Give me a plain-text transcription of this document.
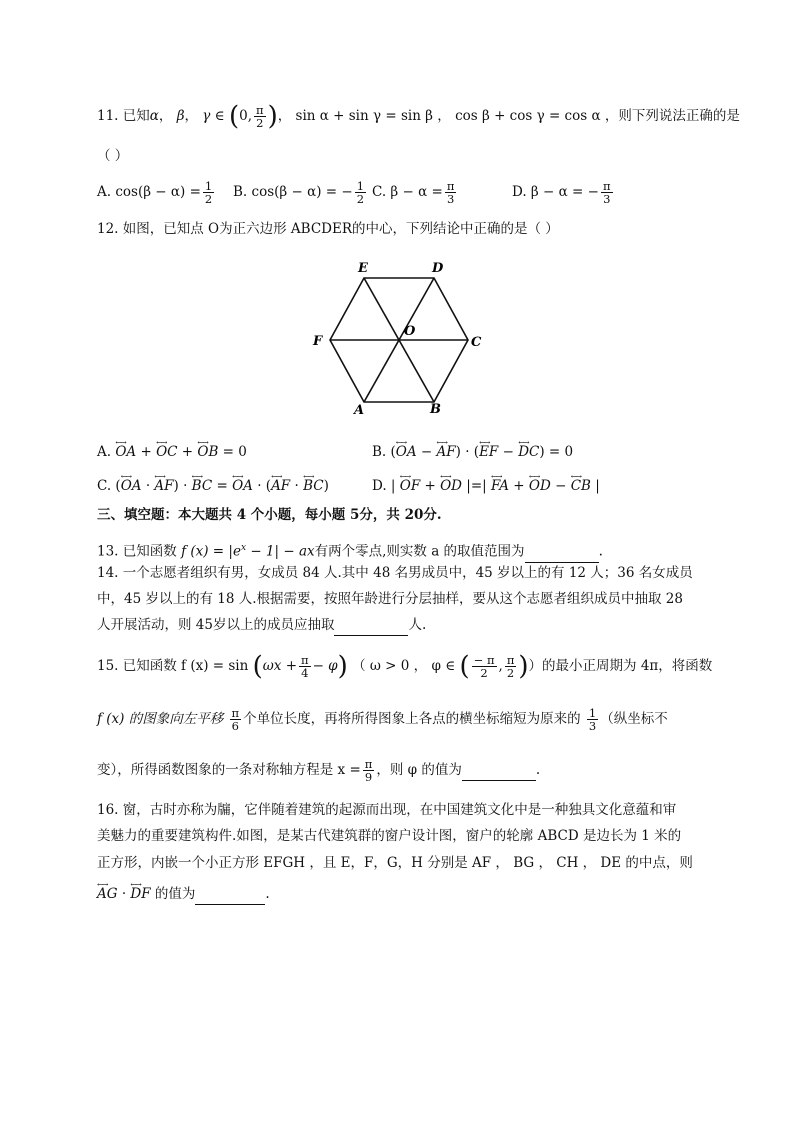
11. 已知α， β， γ ∈ (0, $\frac{\pi}{2}$ )， sin α + sin γ = sin β ， cos β + cos γ = cos α ，则下列说法正确的是
（ ）
A. $\cos(\beta - \alpha) = \frac{1}{2} B$. cos(β − α) = − $\frac{1}{2} C$. $\beta - \alpha = \frac{\pi}{3}$	D. β − α = − $\frac{\pi}{3}$
12. 如图，已知点 O为正六边形 ABCDER的中心，下列结论中正确的是（ ）
E	D
F	C
O
A	B
A. ←→ OA + ←→ OC + ←→ OB = 0	B. (←→ OA − ←→ AF) · (←→ EF − ←→ DC) = 0
C. (←→ OA · ←→ AF) · ←→ BC = ←→ OA · (←→ AF · ←→ BC)	D. | ←→ OF + ←→ OD |=| ←→ FA + ←→ OD − ←→ CB |
三、填空题：本大题共 4 个小题，每小题 5分，共 20分.
13. 已知函数 f $(x) = |e^x - 1|$ − ax有两个零点,则实数 a 的取值范围为	.
14. 一个志愿者组织有男，女成员 84 人.其中 48 名男成员中，45 岁以上的有 12 人；36 名女成员
中，45 岁以上的有 18 人.根据需要，按照年龄进行分层抽样，要从这个志愿者组织成员中抽取 28
人开展活动，则 45岁以上的成员应抽取	人.
15. 已知函数 f $(x) = \sin (\omega x + \frac{\pi}{4} - \varphi)$ （ ω > 0 ， φ ∈ ( $\frac{- \pi}{2}$ , $\frac{\pi}{2}$ )）的最小正周期为 4π，将函数
f (x) 的图象向左平移 $\frac{\pi}{6}$ 个单位长度，再将所得图象上各点的横坐标缩短为原来的 $\frac{1}{3}$ （纵坐标不
变），所得函数图象的一条对称轴方程是 $x = \frac{\pi}{9}$ ，则 φ 的值为	.
16. 窗，古时亦称为牖，它伴随着建筑的起源而出现，在中国建筑文化中是一种独具文化意蕴和审
美魅力的重要建筑构件.如图，是某古代建筑群的窗户设计图，窗户的轮廓 ABCD 是边长为 1 米的
正方形，内嵌一个小正方形 EFGH ，且 E，F，G，H 分别是 AF ， BG ， CH ， DE 的中点，则
←→ AG · ←→ DF 的值为	.
